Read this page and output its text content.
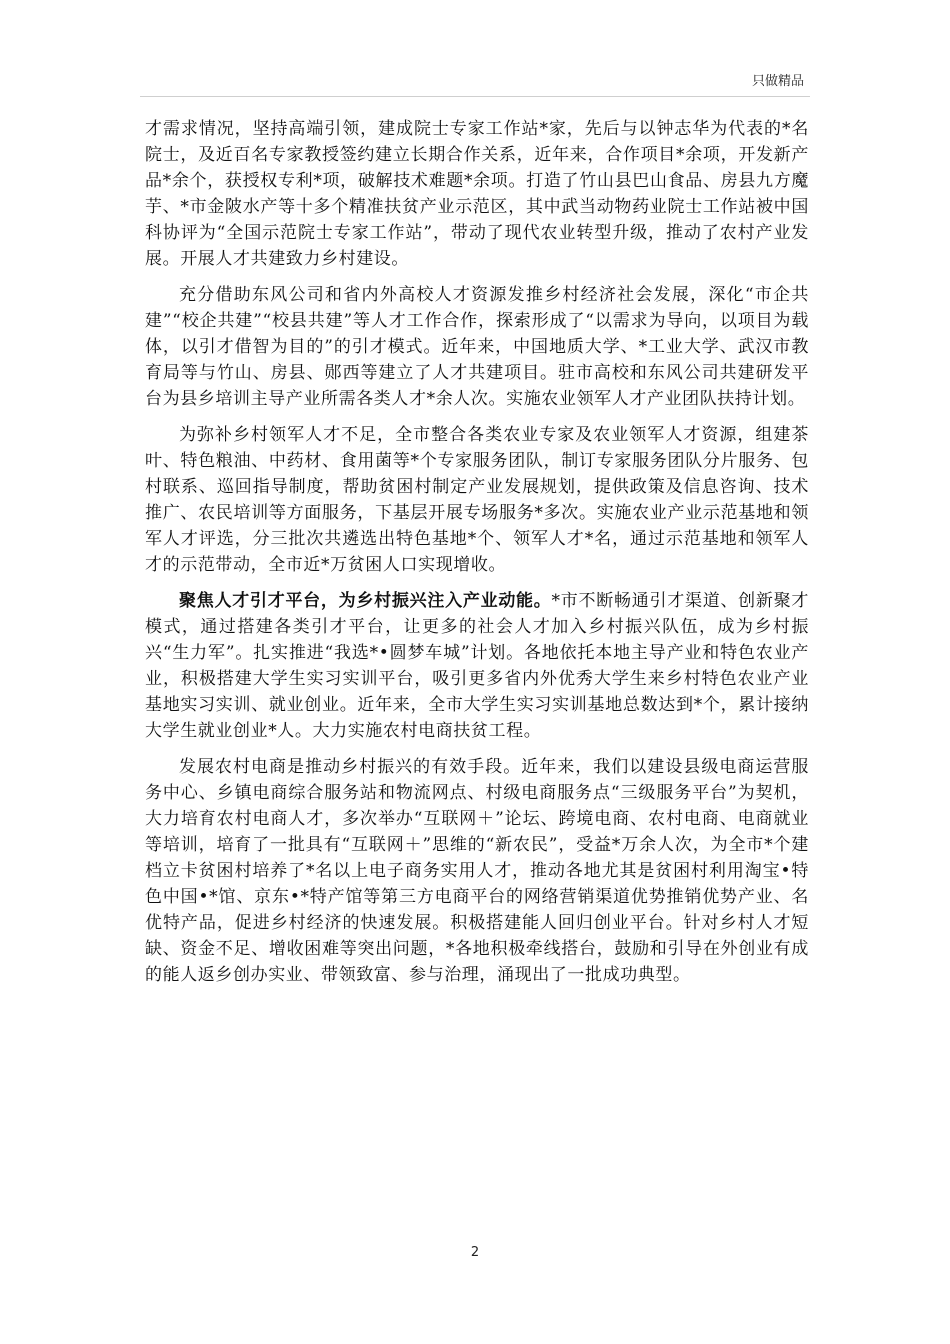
只做精品

才需求情况，坚持高端引领，建成院士专家工作站*家，先后与以钟志华为代表的*名院士，及近百名专家教授签约建立长期合作关系，近年来，合作项目*余项，开发新产品*余个，获授权专利*项，破解技术难题*余项。打造了竹山县巴山食品、房县九方魔芋、*市金陂水产等十多个精准扶贫产业示范区，其中武当动物药业院士工作站被中国科协评为“全国示范院士专家工作站”，带动了现代农业转型升级，推动了农村产业发展。开展人才共建致力乡村建设。

充分借助东风公司和省内外高校人才资源发推乡村经济社会发展，深化“市企共建”“校企共建”“校县共建”等人才工作合作，探索形成了“以需求为导向，以项目为载体，以引才借智为目的”的引才模式。近年来，中国地质大学、*工业大学、武汉市教育局等与竹山、房县、郧西等建立了人才共建项目。驻市高校和东风公司共建研发平台为县乡培训主导产业所需各类人才*余人次。实施农业领军人才产业团队扶持计划。

为弥补乡村领军人才不足，全市整合各类农业专家及农业领军人才资源，组建茶叶、特色粮油、中药材、食用菌等*个专家服务团队，制订专家服务团队分片服务、包村联系、巡回指导制度，帮助贫困村制定产业发展规划，提供政策及信息咨询、技术推广、农民培训等方面服务，下基层开展专场服务*多次。实施农业产业示范基地和领军人才评选，分三批次共遴选出特色基地*个、领军人才*名，通过示范基地和领军人才的示范带动，全市近*万贫困人口实现增收。

聚焦人才引才平台，为乡村振兴注入产业动能。*市不断畅通引才渠道、创新聚才模式，通过搭建各类引才平台，让更多的社会人才加入乡村振兴队伍，成为乡村振兴“生力军”。扎实推进“我选*•圆梦车城”计划。各地依托本地主导产业和特色农业产业，积极搭建大学生实习实训平台，吸引更多省内外优秀大学生来乡村特色农业产业基地实习实训、就业创业。近年来，全市大学生实习实训基地总数达到*个，累计接纳大学生就业创业*人。大力实施农村电商扶贫工程。

发展农村电商是推动乡村振兴的有效手段。近年来，我们以建设县级电商运营服务中心、乡镇电商综合服务站和物流网点、村级电商服务点“三级服务平台”为契机，大力培育农村电商人才，多次举办“互联网＋”论坛、跨境电商、农村电商、电商就业等培训，培育了一批具有“互联网＋”思维的“新农民”，受益*万余人次，为全市*个建档立卡贫困村培养了*名以上电子商务实用人才，推动各地尤其是贫困村利用淘宝•特色中国•*馆、京东•*特产馆等第三方电商平台的网络营销渠道优势推销优势产业、名优特产品，促进乡村经济的快速发展。积极搭建能人回归创业平台。针对乡村人才短缺、资金不足、增收困难等突出问题，*各地积极牵线搭台，鼓励和引导在外创业有成的能人返乡创办实业、带领致富、参与治理，涌现出了一批成功典型。

2
